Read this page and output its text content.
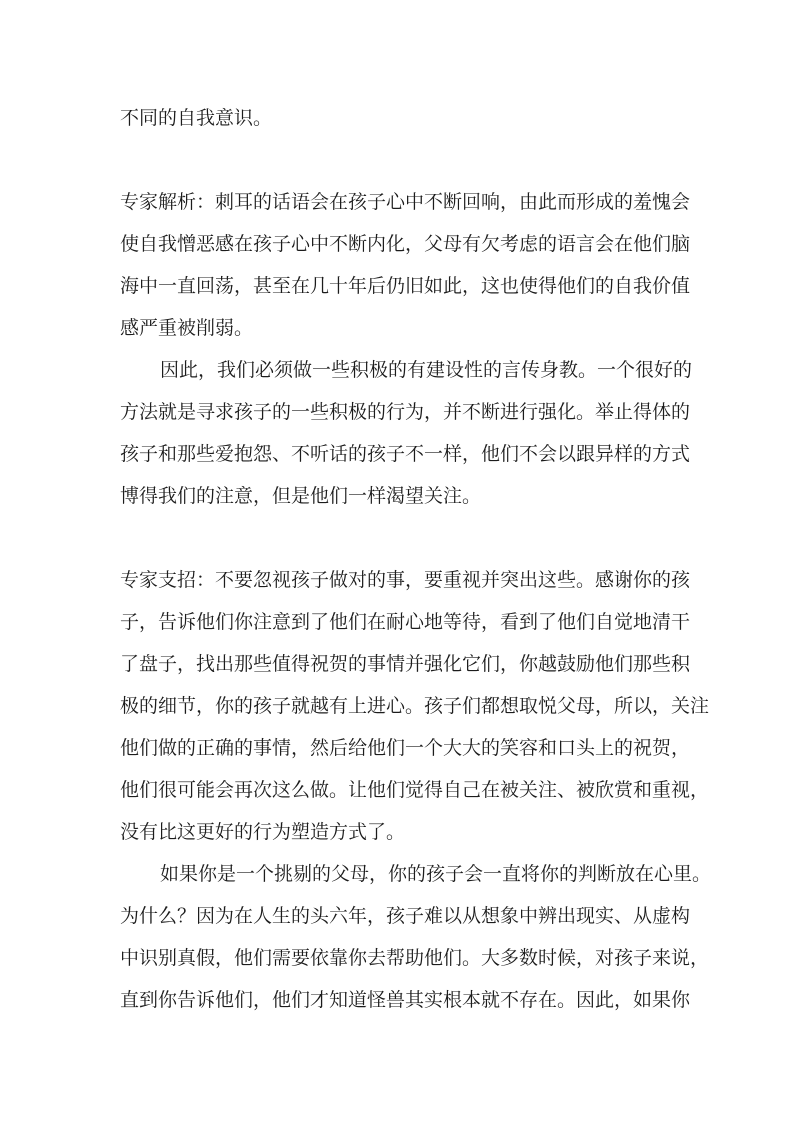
不同的自我意识。

专家解析：刺耳的话语会在孩子心中不断回响，由此而形成的羞愧会

使自我憎恶感在孩子心中不断内化，父母有欠考虑的语言会在他们脑

海中一直回荡，甚至在几十年后仍旧如此，这也使得他们的自我价值

感严重被削弱。

因此，我们必须做一些积极的有建设性的言传身教。一个很好的

方法就是寻求孩子的一些积极的行为，并不断进行强化。举止得体的

孩子和那些爱抱怨、不听话的孩子不一样，他们不会以跟异样的方式

博得我们的注意，但是他们一样渴望关注。

专家支招：不要忽视孩子做对的事，要重视并突出这些。感谢你的孩

子，告诉他们你注意到了他们在耐心地等待，看到了他们自觉地清干

了盘子，找出那些值得祝贺的事情并强化它们，你越鼓励他们那些积

极的细节，你的孩子就越有上进心。孩子们都想取悦父母，所以，关注

他们做的正确的事情，然后给他们一个大大的笑容和口头上的祝贺，

他们很可能会再次这么做。让他们觉得自己在被关注、被欣赏和重视，

没有比这更好的行为塑造方式了。

如果你是一个挑剔的父母，你的孩子会一直将你的判断放在心里。

为什么？因为在人生的头六年，孩子难以从想象中辨出现实、从虚构

中识别真假，他们需要依靠你去帮助他们。大多数时候，对孩子来说，

直到你告诉他们，他们才知道怪兽其实根本就不存在。因此，如果你
